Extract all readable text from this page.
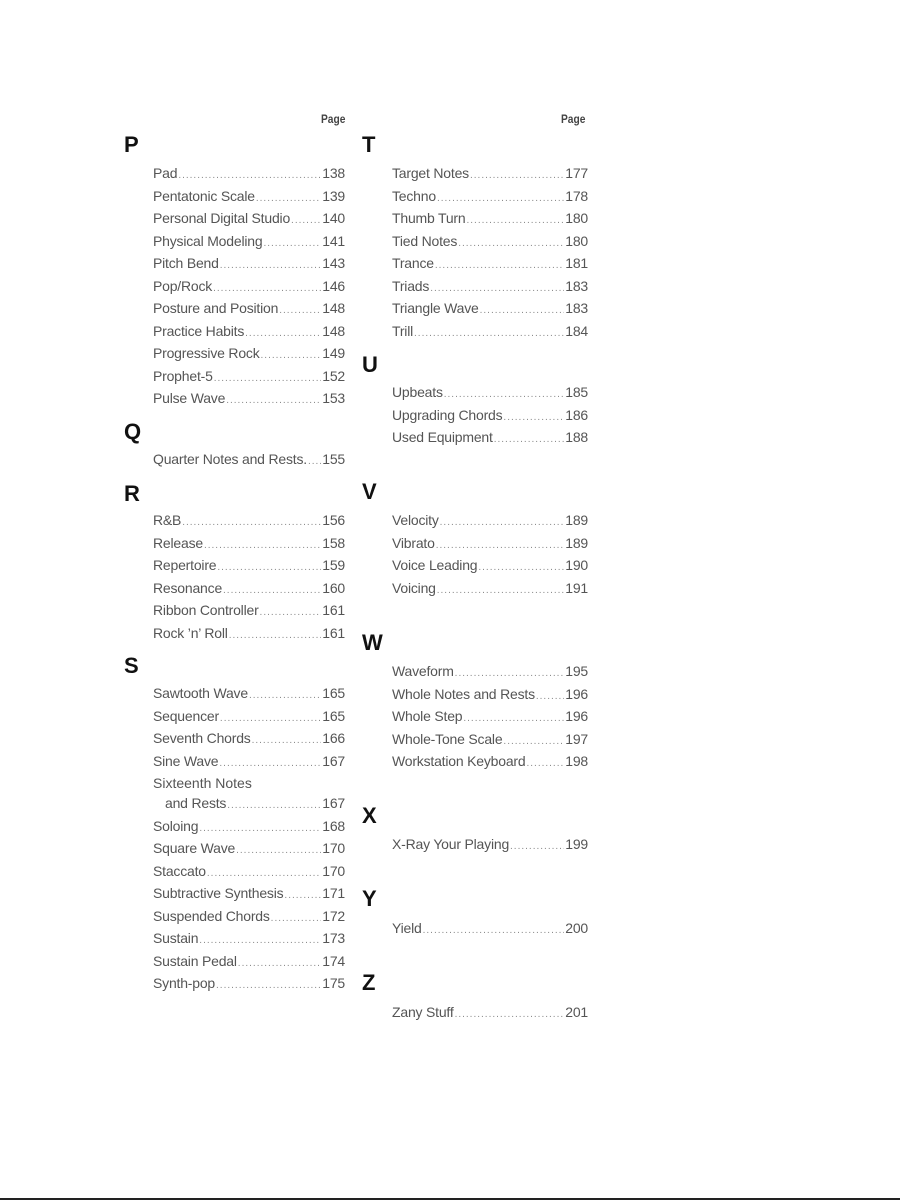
Page	Page
P
Pad .....	138
Pentatonic Scale .....	139
Personal Digital Studio ..... 140
Physical Modeling .....	141
Pitch Bend .....	143
Pop/Rock .....	146
Posture and Position .....	148
Practice Habits .....	148
Progressive Rock .....	149
Prophet-5 .....	152
Pulse Wave .....	153
Q
Quarter Notes and Rests. ..... 155
R
R&B .....	156
Release .....	158
Repertoire .....	159
Resonance .....	160
Ribbon Controller .....	161
Rock ’n’ Roll .....	161
S
Sawtooth Wave .....	165
Sequencer .....	165
Seventh Chords .....	166
Sine Wave .....	167
Sixteenth Notes
and Rests .....	167
Soloing .....	168
Square Wave .....	170
Staccato .....	170
Subtractive Synthesis .....	171
Suspended Chords .....	172
Sustain .....	173
Sustain Pedal .....	174
Synth-pop .....	175
T
Target Notes .....	177
Techno .....	178
Thumb Turn .....	180
Tied Notes .....	180
Trance .....	181
Triads .....	183
Triangle Wave .....	183
Trill .....	184
U
Upbeats .....	185
Upgrading Chords .....	186
Used Equipment .....	188
V
Velocity .....	189
Vibrato .....	189
Voice Leading .....	190
Voicing .....	191
W
Waveform .....	195
Whole Notes and Rests ..... 196
Whole Step .....	196
Whole-Tone Scale .....	197
Workstation Keyboard .....	198
X
X-Ray Your Playing .....	199
Y
Yield .....	200
Z
Zany Stuff .....	201
